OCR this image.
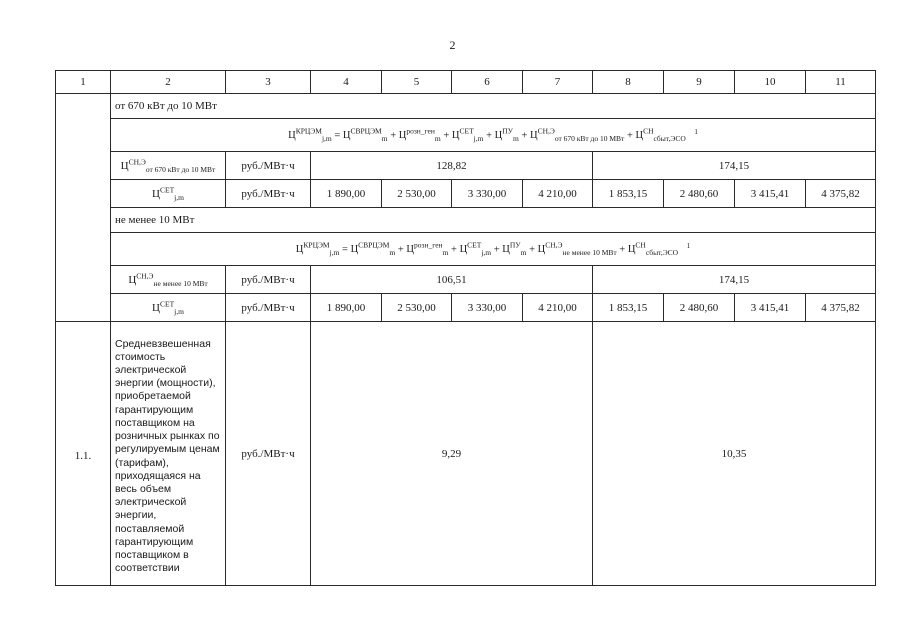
2
1	2	3	4	5	6	7	8	9	10	11
	от 670 кВт до 10 МВт									
	$Ц^{КРЦЭМ}_{j,m} = Ц^{СВРЦЭМ}_m + Ц^{розн\_ген}_m + Ц^{СЕТ}_{j,m} + Ц^{ПУ}_m + Ц^{СН,Э}_{от 670 кВт до 10 МВт} + Ц^{СН}_{сбыт,ЭСО}$ $^1$
	$Ц^{СН,Э}_{от 670 кВт до 10 МВт}$	руб./МВт·ч	128,82				174,15			
	$Ц^{СЕТ}_{j,m}$	руб./МВт·ч	1 890,00	2 530,00	3 330,00	4 210,00	1 853,15	2 480,60	3 415,41	4 375,82
	не менее 10 МВт									
	$Ц^{КРЦЭМ}_{j,m} = Ц^{СВРЦЭМ}_m + Ц^{розн\_ген}_m + Ц^{СЕТ}_{j,m} + Ц^{ПУ}_m + Ц^{СН,Э}_{не менее 10 МВт} + Ц^{СН}_{сбыт,ЭСО}$ $^1$
	$Ц^{СН,Э}_{не менее 10 МВт}$	руб./МВт·ч	106,51				174,15			
	$Ц^{СЕТ}_{j,m}$	руб./МВт·ч	1 890,00	2 530,00	3 330,00	4 210,00	1 853,15	2 480,60	3 415,41	4 375,82
1.1.	Средневзвешенная стоимость электрической энергии (мощности), приобретаемой гарантирующим поставщиком на розничных рынках по регулируемым ценам (тарифам), приходящаяся на весь объем электрической энергии, поставляемой гарантирующим поставщиком в соответствии	руб./МВт·ч	9,29				10,35			
